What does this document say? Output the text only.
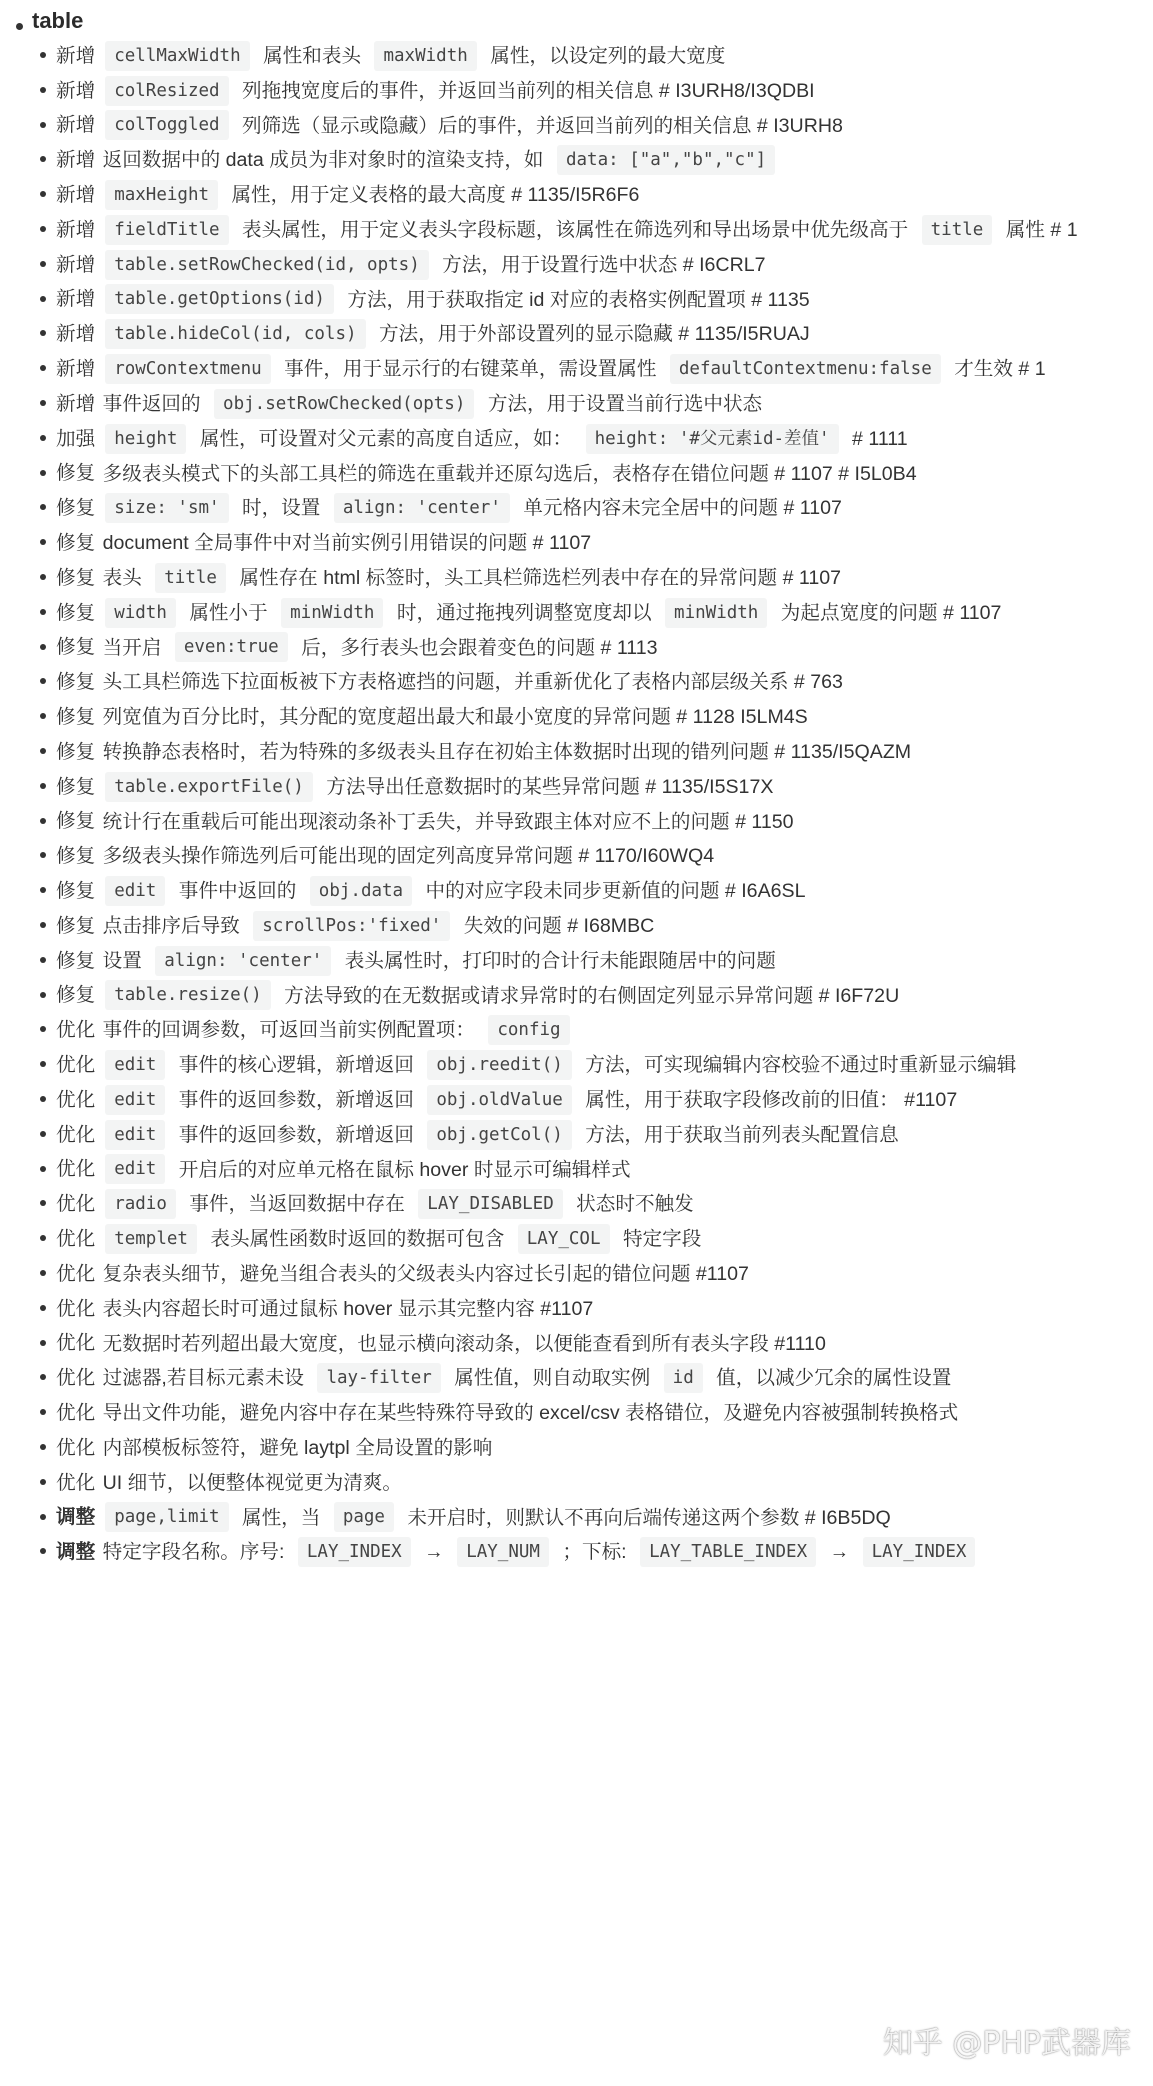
table
新增 cellMaxWidth 属性和表头 maxWidth 属性，以设定列的最大宽度
新增 colResized 列拖拽宽度后的事件，并返回当前列的相关信息 # I3URH8/I3QDBI
新增 colToggled 列筛选（显示或隐藏）后的事件，并返回当前列的相关信息 # I3URH8
新增 返回数据中的 data 成员为非对象时的渲染支持，如 data: ["a","b","c"]
新增 maxHeight 属性，用于定义表格的最大高度 # 1135/I5R6F6
新增 fieldTitle 表头属性，用于定义表头字段标题，该属性在筛选列和导出场景中优先级高于 title 属性 # 1
新增 table.setRowChecked(id, opts) 方法，用于设置行选中状态 # I6CRL7
新增 table.getOptions(id) 方法，用于获取指定 id 对应的表格实例配置项 # 1135
新增 table.hideCol(id, cols) 方法，用于外部设置列的显示隐藏 # 1135/I5RUAJ
新增 rowContextmenu 事件，用于显示行的右键菜单，需设置属性 defaultContextmenu:false 才生效 # 1
新增 事件返回的 obj.setRowChecked(opts) 方法，用于设置当前行选中状态
加强 height 属性，可设置对父元素的高度自适应，如： height: '#父元素id-差值' # 1111
修复 多级表头模式下的头部工具栏的筛选在重载并还原勾选后，表格存在错位问题 # 1107 # I5L0B4
修复 size: 'sm' 时，设置 align: 'center' 单元格内容未完全居中的问题 # 1107
修复 document 全局事件中对当前实例引用错误的问题 # 1107
修复 表头 title 属性存在 html 标签时，头工具栏筛选栏列表中存在的异常问题 # 1107
修复 width 属性小于 minWidth 时，通过拖拽列调整宽度却以 minWidth 为起点宽度的问题 # 1107
修复 当开启 even:true 后，多行表头也会跟着变色的问题 # 1113
修复 头工具栏筛选下拉面板被下方表格遮挡的问题，并重新优化了表格内部层级关系 # 763
修复 列宽值为百分比时，其分配的宽度超出最大和最小宽度的异常问题 # 1128 I5LM4S
修复 转换静态表格时，若为特殊的多级表头且存在初始主体数据时出现的错列问题 # 1135/I5QAZM
修复 table.exportFile() 方法导出任意数据时的某些异常问题 # 1135/I5S17X
修复 统计行在重载后可能出现滚动条补丁丢失，并导致跟主体对应不上的问题 # 1150
修复 多级表头操作筛选列后可能出现的固定列高度异常问题 # 1170/I60WQ4
修复 edit 事件中返回的 obj.data 中的对应字段未同步更新值的问题 # I6A6SL
修复 点击排序后导致 scrollPos:'fixed' 失效的问题 # I68MBC
修复 设置 align: 'center' 表头属性时，打印时的合计行未能跟随居中的问题
修复 table.resize() 方法导致的在无数据或请求异常时的右侧固定列显示异常问题 # I6F72U
优化 事件的回调参数，可返回当前实例配置项： config
优化 edit 事件的核心逻辑，新增返回 obj.reedit() 方法，可实现编辑内容校验不通过时重新显示编辑
优化 edit 事件的返回参数，新增返回 obj.oldValue 属性，用于获取字段修改前的旧值： #1107
优化 edit 事件的返回参数，新增返回 obj.getCol() 方法，用于获取当前列表头配置信息
优化 edit 开启后的对应单元格在鼠标 hover 时显示可编辑样式
优化 radio 事件，当返回数据中存在 LAY_DISABLED 状态时不触发
优化 templet 表头属性函数时返回的数据可包含 LAY_COL 特定字段
优化 复杂表头细节，避免当组合表头的父级表头内容过长引起的错位问题 #1107
优化 表头内容超长时可通过鼠标 hover 显示其完整内容 #1107
优化 无数据时若列超出最大宽度，也显示横向滚动条，以便能查看到所有表头字段 #1110
优化 过滤器,若目标元素未设 lay-filter 属性值，则自动取实例 id 值，以减少冗余的属性设置
优化 导出文件功能，避免内容中存在某些特殊符导致的 excel/csv 表格错位，及避免内容被强制转换格式
优化 内部模板标签符，避免 laytpl 全局设置的影响
优化 UI 细节，以便整体视觉更为清爽。
调整 page,limit 属性，当 page 未开启时，则默认不再向后端传递这两个参数 # I6B5DQ
调整 特定字段名称。序号: LAY_INDEX → LAY_NUM ；下标: LAY_TABLE_INDEX → LAY_INDEX
知乎 @PHP武器库
